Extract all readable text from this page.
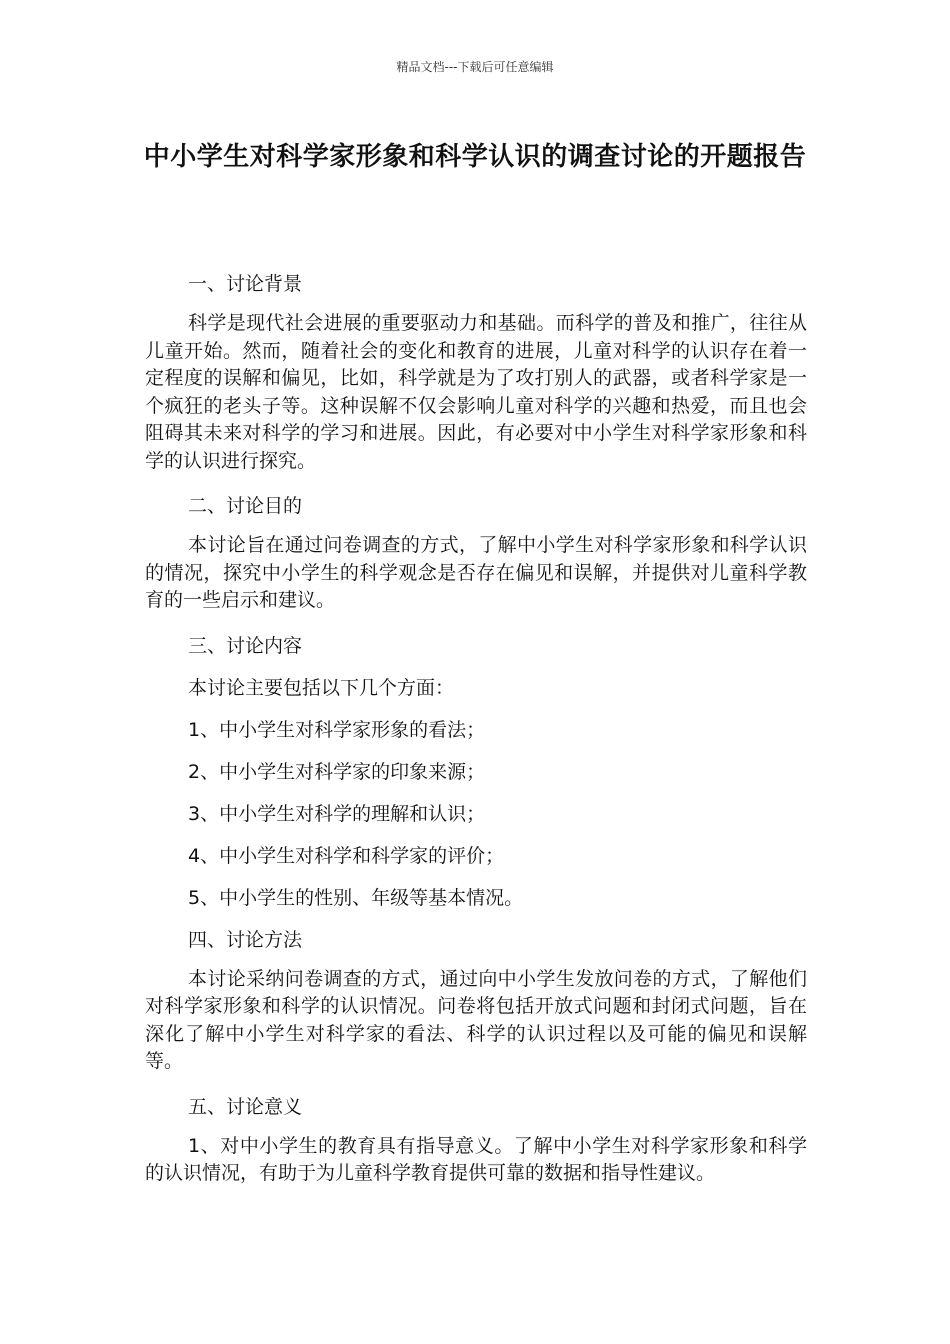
精品文档---下载后可任意编辑
中小学生对科学家形象和科学认识的调查讨论的开题报告

一、讨论背景

科学是现代社会进展的重要驱动力和基础。而科学的普及和推广，往往从儿童开始。然而，随着社会的变化和教育的进展，儿童对科学的认识存在着一定程度的误解和偏见，比如，科学就是为了攻打别人的武器，或者科学家是一个疯狂的老头子等。这种误解不仅会影响儿童对科学的兴趣和热爱，而且也会阻碍其未来对科学的学习和进展。因此，有必要对中小学生对科学家形象和科学的认识进行探究。

二、讨论目的

本讨论旨在通过问卷调查的方式，了解中小学生对科学家形象和科学认识的情况，探究中小学生的科学观念是否存在偏见和误解，并提供对儿童科学教育的一些启示和建议。

三、讨论内容

本讨论主要包括以下几个方面：

1、中小学生对科学家形象的看法；

2、中小学生对科学家的印象来源；

3、中小学生对科学的理解和认识；

4、中小学生对科学和科学家的评价；

5、中小学生的性别、年级等基本情况。

四、讨论方法

本讨论采纳问卷调查的方式，通过向中小学生发放问卷的方式，了解他们对科学家形象和科学的认识情况。问卷将包括开放式问题和封闭式问题，旨在深化了解中小学生对科学家的看法、科学的认识过程以及可能的偏见和误解等。

五、讨论意义

1、对中小学生的教育具有指导意义。了解中小学生对科学家形象和科学的认识情况，有助于为儿童科学教育提供可靠的数据和指导性建议。
